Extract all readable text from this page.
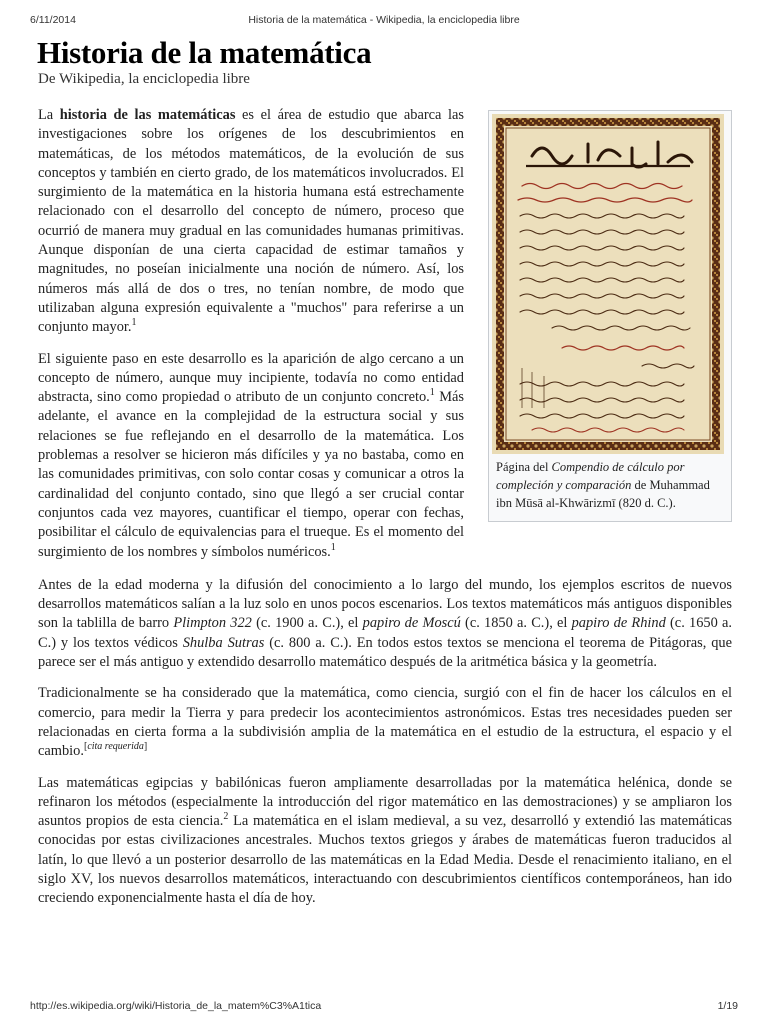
6/11/2014	Historia de la matemática - Wikipedia, la enciclopedia libre
Historia de la matemática
De Wikipedia, la enciclopedia libre
Página del Compendio de cálculo por compleción y comparación de Muhammad ibn Mūsā al-Khwārizmī (820 d. C.).

La historia de las matemáticas es el área de estudio que abarca las investigaciones sobre los orígenes de los descubrimientos en matemáticas, de los métodos matemáticos, de la evolución de sus conceptos y también en cierto grado, de los matemáticos involucrados. El surgimiento de la matemática en la historia humana está estrechamente relacionado con el desarrollo del concepto de número, proceso que ocurrió de manera muy gradual en las comunidades humanas primitivas. Aunque disponían de una cierta capacidad de estimar tamaños y magnitudes, no poseían inicialmente una noción de número. Así, los números más allá de dos o tres, no tenían nombre, de modo que utilizaban alguna expresión equivalente a "muchos" para referirse a un conjunto mayor.$^1$

El siguiente paso en este desarrollo es la aparición de algo cercano a un concepto de número, aunque muy incipiente, todavía no como entidad abstracta, sino como propiedad o atributo de un conjunto concreto.$^1$ Más adelante, el avance en la complejidad de la estructura social y sus relaciones se fue reflejando en el desarrollo de la matemática. Los problemas a resolver se hicieron más difíciles y ya no bastaba, como en las comunidades primitivas, con solo contar cosas y comunicar a otros la cardinalidad del conjunto contado, sino que llegó a ser crucial contar conjuntos cada vez mayores, cuantificar el tiempo, operar con fechas, posibilitar el cálculo de equivalencias para el trueque. Es el momento del surgimiento de los nombres y símbolos numéricos.$^1$

Antes de la edad moderna y la difusión del conocimiento a lo largo del mundo, los ejemplos escritos de nuevos desarrollos matemáticos salían a la luz solo en unos pocos escenarios. Los textos matemáticos más antiguos disponibles son la tablilla de barro Plimpton 322 (c. 1900 a. C.), el papiro de Moscú (c. 1850 a. C.), el papiro de Rhind (c. 1650 a. C.) y los textos védicos Shulba Sutras (c. 800 a. C.). En todos estos textos se menciona el teorema de Pitágoras, que parece ser el más antiguo y extendido desarrollo matemático después de la aritmética básica y la geometría.

Tradicionalmente se ha considerado que la matemática, como ciencia, surgió con el fin de hacer los cálculos en el comercio, para medir la Tierra y para predecir los acontecimientos astronómicos. Estas tres necesidades pueden ser relacionadas en cierta forma a la subdivisión amplia de la matemática en el estudio de la estructura, el espacio y el cambio.[cita requerida]

Las matemáticas egipcias y babilónicas fueron ampliamente desarrolladas por la matemática helénica, donde se refinaron los métodos (especialmente la introducción del rigor matemático en las demostraciones) y se ampliaron los asuntos propios de esta ciencia.$^2$ La matemática en el islam medieval, a su vez, desarrolló y extendió las matemáticas conocidas por estas civilizaciones ancestrales. Muchos textos griegos y árabes de matemáticas fueron traducidos al latín, lo que llevó a un posterior desarrollo de las matemáticas en la Edad Media. Desde el renacimiento italiano, en el siglo XV, los nuevos desarrollos matemáticos, interactuando con descubrimientos científicos contemporáneos, han ido creciendo exponencialmente hasta el día de hoy.

http://es.wikipedia.org/wiki/Historia_de_la_matem%C3%A1tica	1/19
